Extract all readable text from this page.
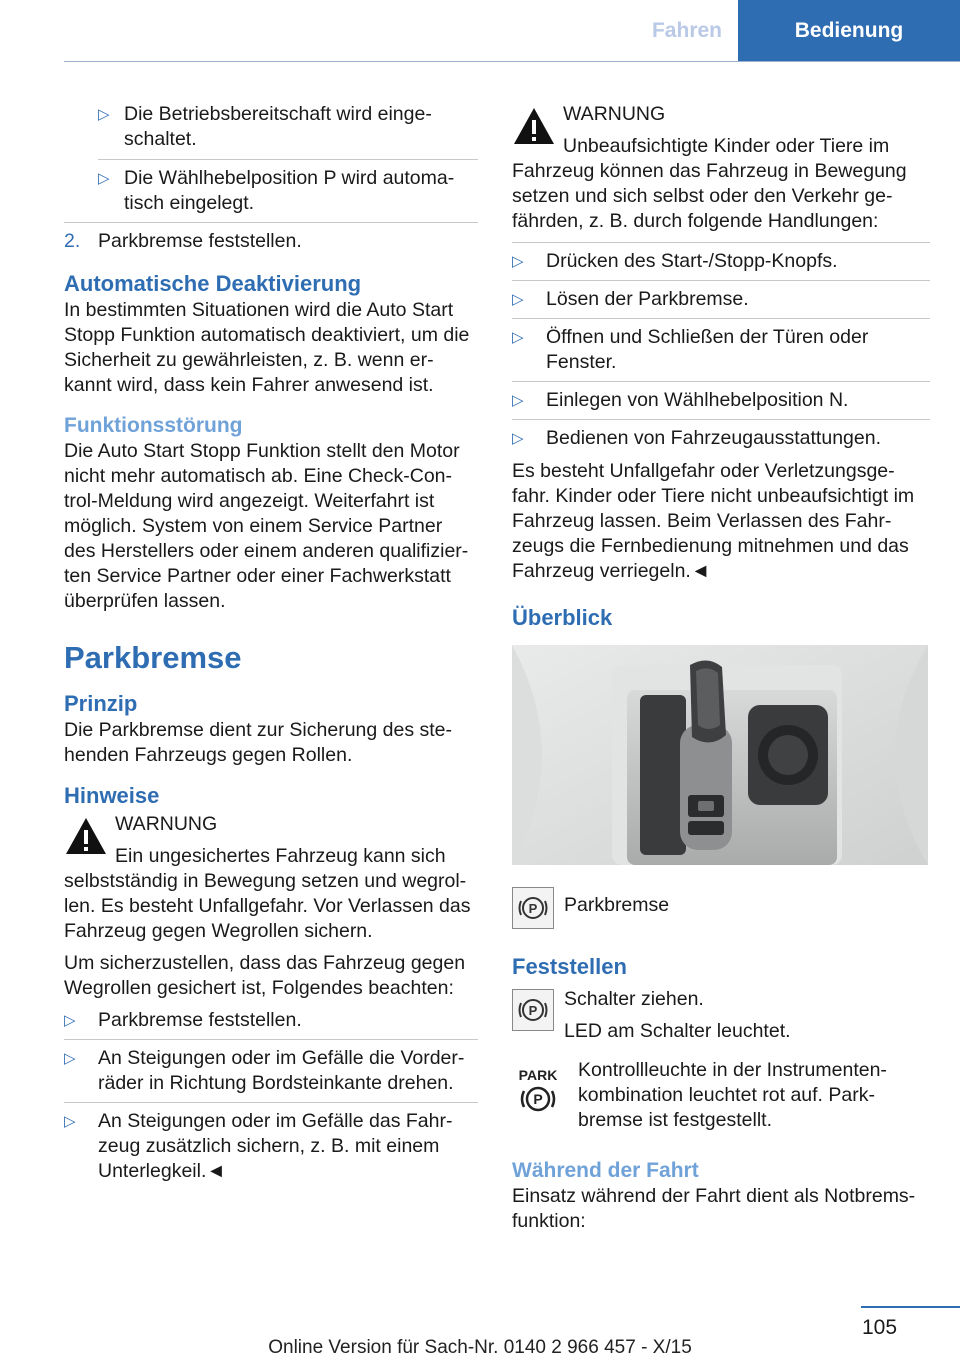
Fahren	Bedienung
▷ Die Betriebsbereitschaft wird einge-schaltet.

▷ Die Wählhebelposition P wird automa-tisch eingelegt.

2. Parkbremse feststellen.

Automatische Deaktivierung

In bestimmten Situationen wird die Auto Start Stopp Funktion automatisch deaktiviert, um die Sicherheit zu gewährleisten, z. B. wenn er-kannt wird, dass kein Fahrer anwesend ist.

Funktionsstörung

Die Auto Start Stopp Funktion stellt den Motor nicht mehr automatisch ab. Eine Check-Con-trol-Meldung wird angezeigt. Weiterfahrt ist möglich. System von einem Service Partner des Herstellers oder einem anderen qualifizier-ten Service Partner oder einer Fachwerkstatt überprüfen lassen.

Parkbremse
Prinzip

Die Parkbremse dient zur Sicherung des ste-henden Fahrzeugs gegen Rollen.

Hinweise

WARNUNG

Ein ungesichertes Fahrzeug kann sich selbstständig in Bewegung setzen und wegrol-len. Es besteht Unfallgefahr. Vor Verlassen das Fahrzeug gegen Wegrollen sichern.

Um sicherzustellen, dass das Fahrzeug gegen Wegrollen gesichert ist, Folgendes beachten:

▷	Parkbremse feststellen.

▷	An Steigungen oder im Gefälle die Vorder-räder in Richtung Bordsteinkante drehen.

▷	An Steigungen oder im Gefälle das Fahr-zeug zusätzlich sichern, z. B. mit einem Unterlegkeil.◄

WARNUNG

Unbeaufsichtigte Kinder oder Tiere im Fahrzeug können das Fahrzeug in Bewegung setzen und sich selbst oder den Verkehr ge-fährden, z. B. durch folgende Handlungen:

▷	Drücken des Start-/Stopp-Knopfs.

▷	Lösen der Parkbremse.

▷	Öffnen und Schließen der Türen oder Fenster.

▷	Einlegen von Wählhebelposition N.

▷	Bedienen von Fahrzeugausstattungen.

Es besteht Unfallgefahr oder Verletzungsge-fahr. Kinder oder Tiere nicht unbeaufsichtigt im Fahrzeug lassen. Beim Verlassen des Fahr-zeugs die Fernbedienung mitnehmen und das Fahrzeug verriegeln.◄

Überblick
P	Parkbremse

Feststellen
P

Schalter ziehen.

LED am Schalter leuchtet.

PARK
P

Kontrollleuchte in der Instrumenten-kombination leuchtet rot auf. Park-bremse ist festgestellt.

Während der Fahrt

Einsatz während der Fahrt dient als Notbrems-funktion:

105
Online Version für Sach-Nr. 0140 2 966 457 - X/15
